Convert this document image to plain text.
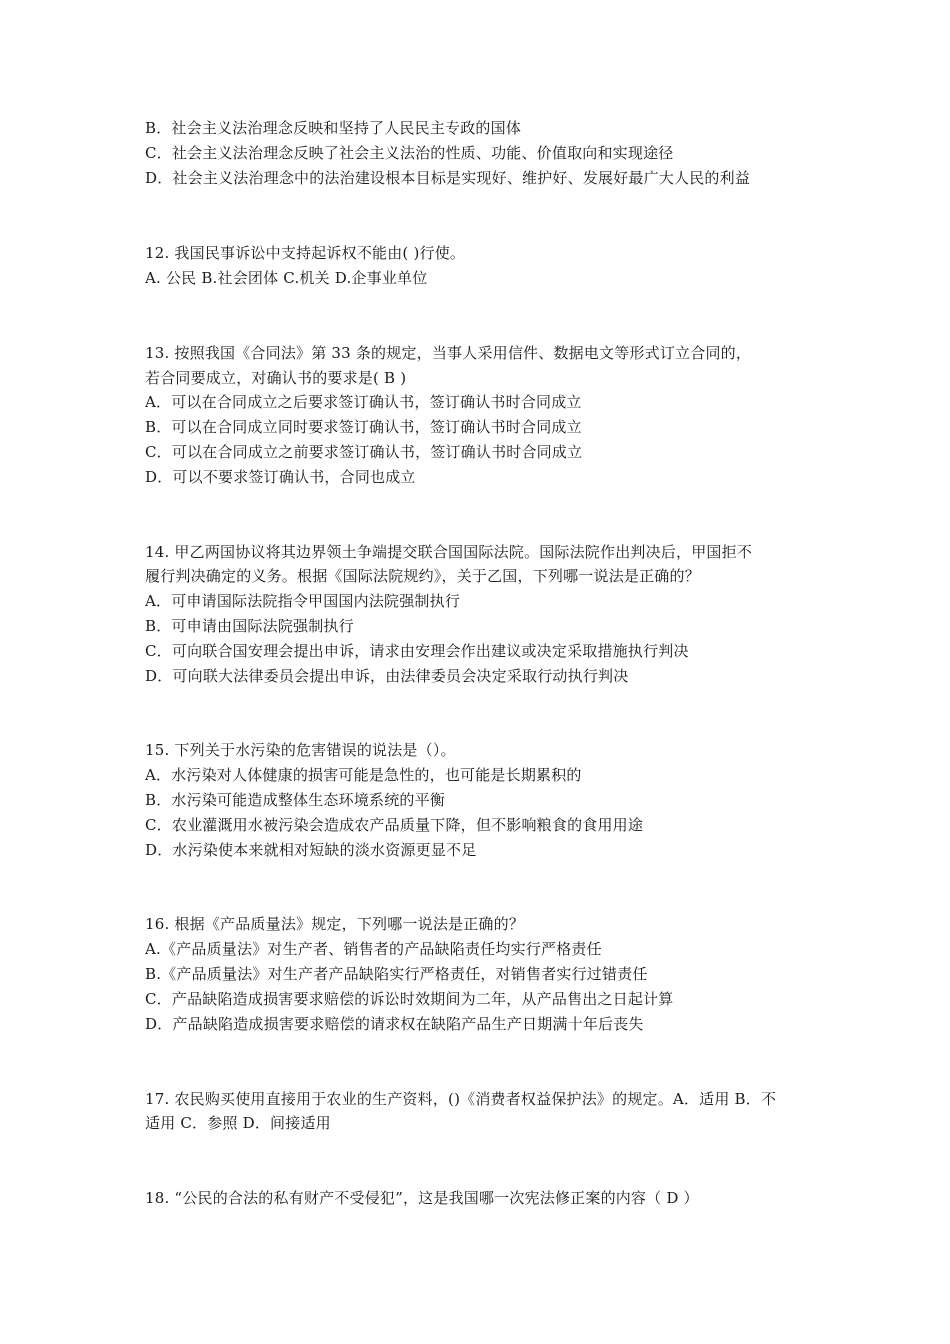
B．社会主义法治理念反映和坚持了人民民主专政的国体
C．社会主义法治理念反映了社会主义法治的性质、功能、价值取向和实现途径
D．社会主义法治理念中的法治建设根本目标是实现好、维护好、发展好最广大人民的利益
12. 我国民事诉讼中支持起诉权不能由( )行使。
A. 公民 B.社会团体 C.机关 D.企事业单位
13. 按照我国《合同法》第 33 条的规定，当事人采用信件、数据电文等形式订立合同的，
若合同要成立，对确认书的要求是( B )
A．可以在合同成立之后要求签订确认书，签订确认书时合同成立
B．可以在合同成立同时要求签订确认书，签订确认书时合同成立
C．可以在合同成立之前要求签订确认书，签订确认书时合同成立
D．可以不要求签订确认书，合同也成立
14. 甲乙两国协议将其边界领土争端提交联合国国际法院。国际法院作出判决后，甲国拒不
履行判决确定的义务。根据《国际法院规约》，关于乙国，下列哪一说法是正确的？
A．可申请国际法院指令甲国国内法院强制执行
B．可申请由国际法院强制执行
C．可向联合国安理会提出申诉，请求由安理会作出建议或决定采取措施执行判决
D．可向联大法律委员会提出申诉，由法律委员会决定采取行动执行判决
15. 下列关于水污染的危害错误的说法是（）。
A．水污染对人体健康的损害可能是急性的，也可能是长期累积的
B．水污染可能造成整体生态环境系统的平衡
C．农业灌溉用水被污染会造成农产品质量下降，但不影响粮食的食用用途
D．水污染使本来就相对短缺的淡水资源更显不足
16. 根据《产品质量法》规定，下列哪一说法是正确的？
A.《产品质量法》对生产者、销售者的产品缺陷责任均实行严格责任
B.《产品质量法》对生产者产品缺陷实行严格责任，对销售者实行过错责任
C．产品缺陷造成损害要求赔偿的诉讼时效期间为二年，从产品售出之日起计算
D．产品缺陷造成损害要求赔偿的请求权在缺陷产品生产日期满十年后丧失
17. 农民购买使用直接用于农业的生产资料，()《消费者权益保护法》的规定。A．适用 B．不
适用 C．参照 D．间接适用
18. “公民的合法的私有财产不受侵犯”，这是我国哪一次宪法修正案的内容（ D ）
